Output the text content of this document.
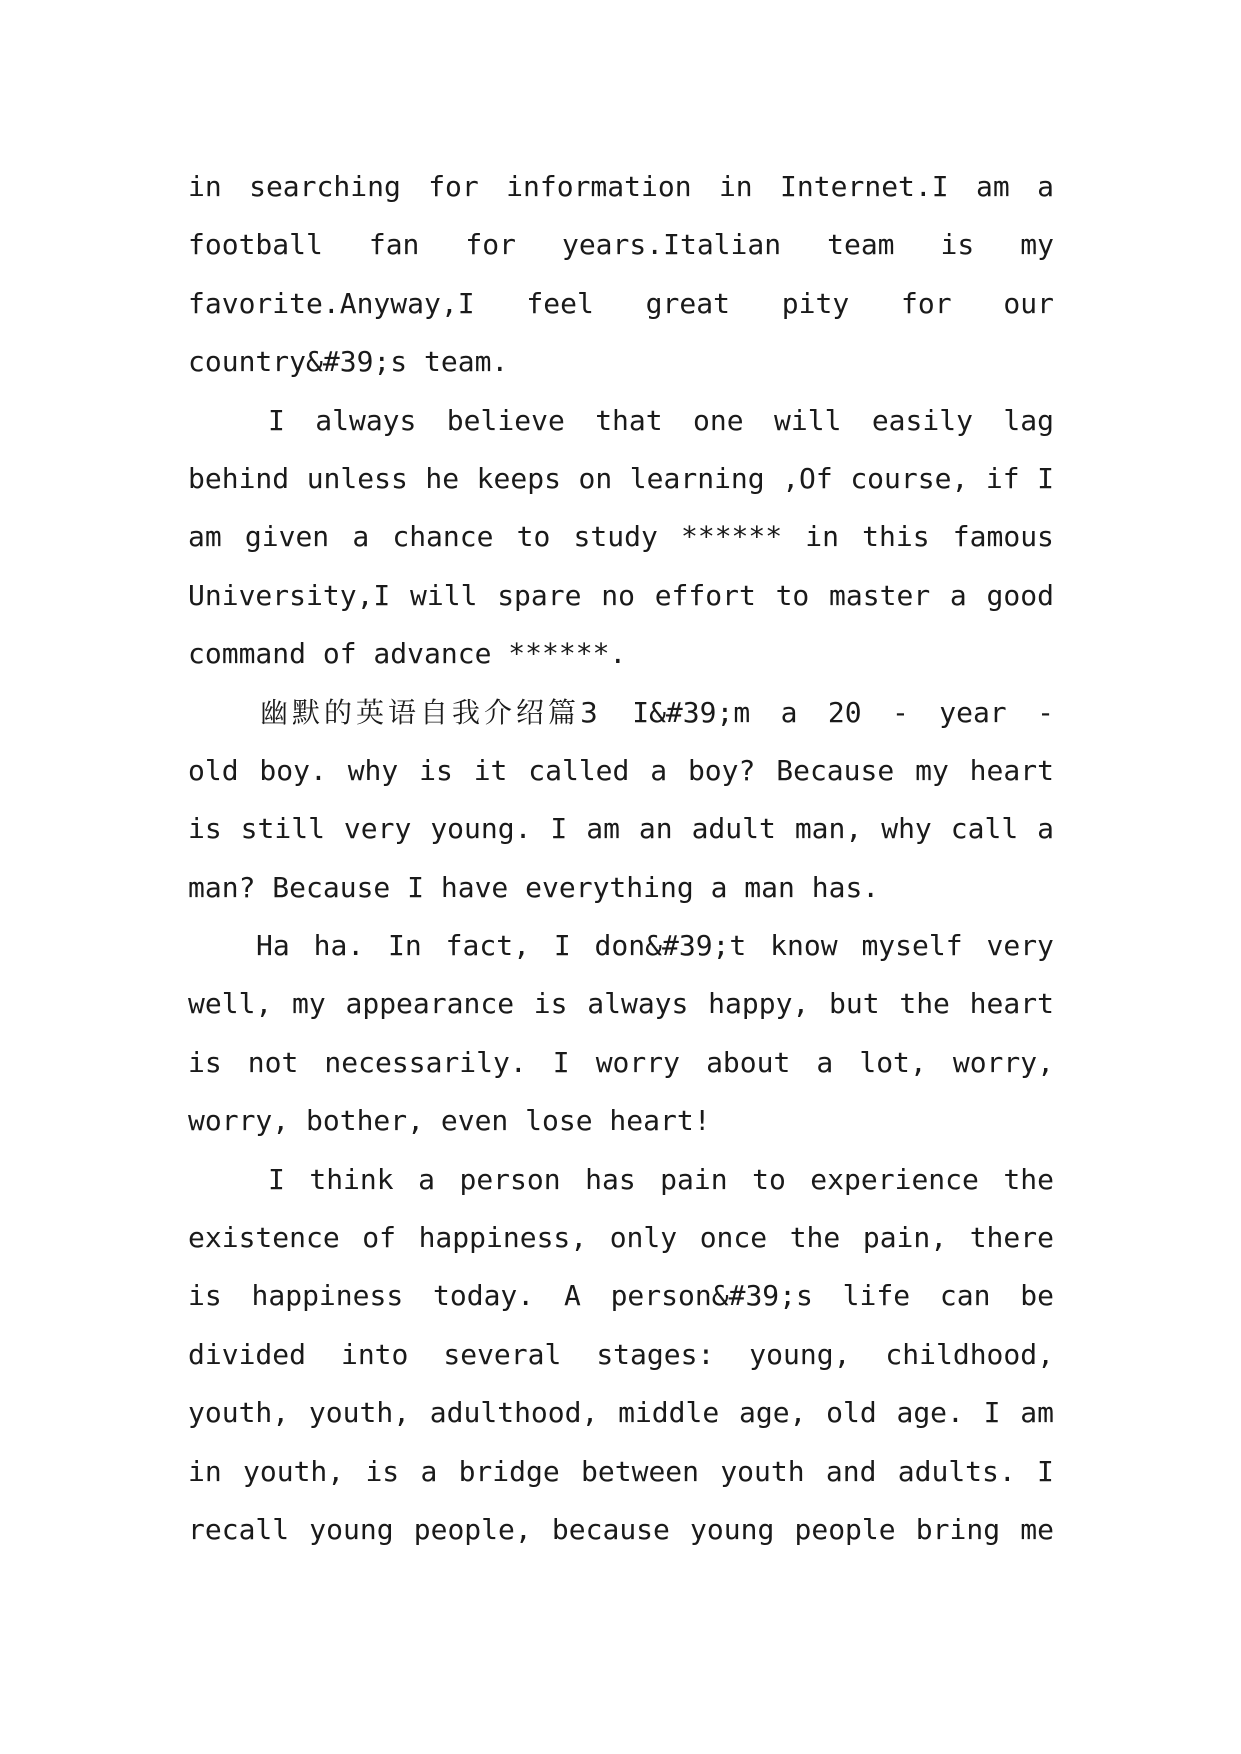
in searching for information in Internet.I am a
football fan for years.Italian team is my
favorite.Anyway,I feel great pity for our
country&#39;s team.
I always believe that one will easily lag
behind unless he keeps on learning ,Of course, if I
am given a chance to study ****** in this famous
University,I will spare no effort to master a good
command of advance ******.
幽默的英语自我介绍篇3 I&#39;m a 20 - year -
old boy. why is it called a boy? Because my heart
is still very young. I am an adult man, why call a
man? Because I have everything a man has.
Ha ha. In fact, I don&#39;t know myself very
well, my appearance is always happy, but the heart
is not necessarily. I worry about a lot, worry,
worry, bother, even lose heart!
I think a person has pain to experience the
existence of happiness, only once the pain, there
is happiness today. A person&#39;s life can be
divided into several stages: young, childhood,
youth, youth, adulthood, middle age, old age. I am
in youth, is a bridge between youth and adults. I
recall young people, because young people bring me
